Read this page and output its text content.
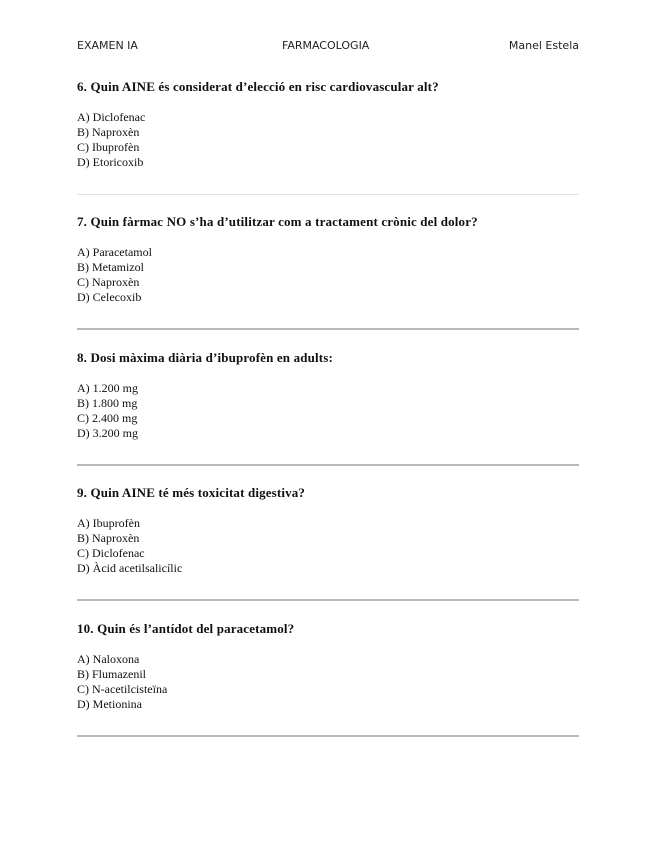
EXAMEN IA	FARMACOLOGIA	Manel Estela
6. Quin AINE és considerat d’elecció en risc cardiovascular alt?
A) Diclofenac
B) Naproxèn
C) Ibuprofèn
D) Etoricoxib
7. Quin fàrmac NO s’ha d’utilitzar com a tractament crònic del dolor?
A) Paracetamol
B) Metamizol
C) Naproxèn
D) Celecoxib
8. Dosi màxima diària d’ibuprofèn en adults:
A) 1.200 mg
B) 1.800 mg
C) 2.400 mg
D) 3.200 mg
9. Quin AINE té més toxicitat digestiva?
A) Ibuprofèn
B) Naproxèn
C) Diclofenac
D) Àcid acetilsalicílic
10. Quin és l’antídot del paracetamol?
A) Naloxona
B) Flumazenil
C) N-acetilcisteïna
D) Metionina
